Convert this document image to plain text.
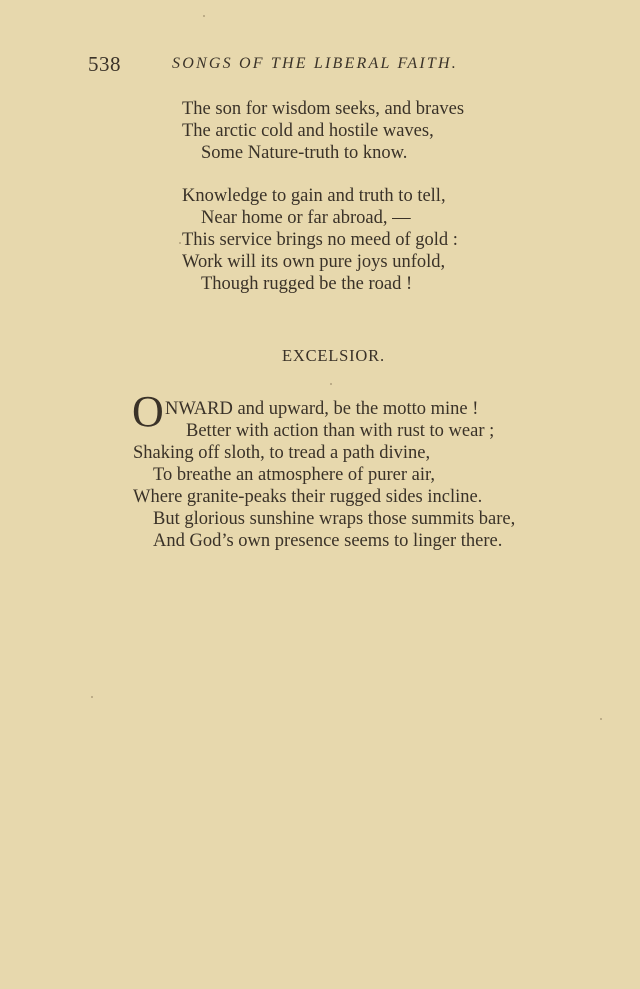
538	SONGS OF THE LIBERAL FAITH.
The son for wisdom seeks, and braves
The arctic cold and hostile waves,
Some Nature-truth to know.
Knowledge to gain and truth to tell,
Near home or far abroad, —
This service brings no meed of gold :
Work will its own pure joys unfold,
Though rugged be the road !
EXCELSIOR.
O NWARD and upward, be the motto mine !
Better with action than with rust to wear ;
Shaking off sloth, to tread a path divine,
To breathe an atmosphere of purer air,
Where granite-peaks their rugged sides incline.
But glorious sunshine wraps those summits bare,
And God’s own presence seems to linger there.
